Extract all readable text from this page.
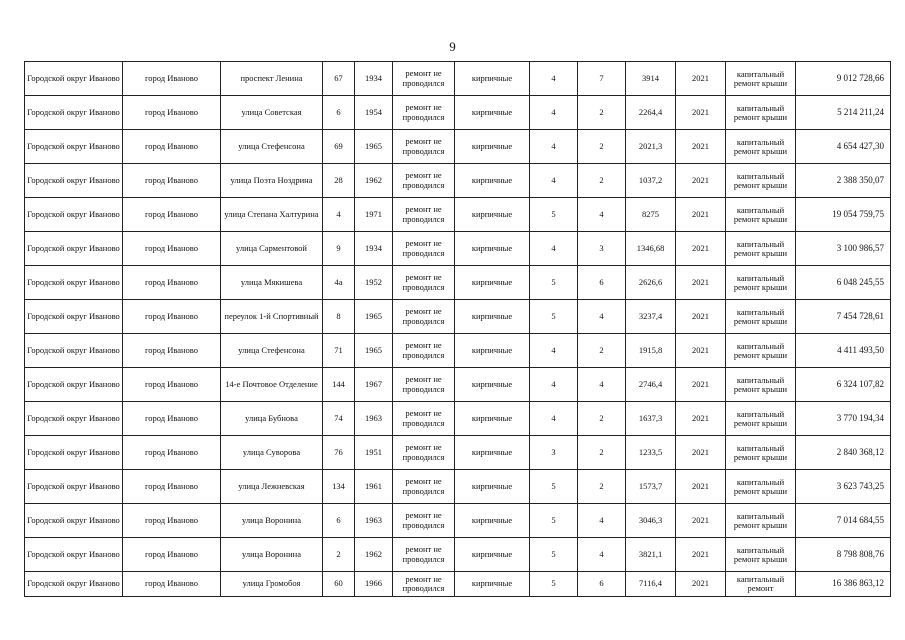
9
Городской округ Иваново	город Иваново	проспект Ленина	67	1934	ремонт не проводился	кирпичные	4	7	3914	2021	капитальный ремонт крыши	9 012 728,66
Городской округ Иваново	город Иваново	улица Советская	6	1954	ремонт не проводился	кирпичные	4	2	2264,4	2021	капитальный ремонт крыши	5 214 211,24
Городской округ Иваново	город Иваново	улица Стефенсона	69	1965	ремонт не проводился	кирпичные	4	2	2021,3	2021	капитальный ремонт крыши	4 654 427,30
Городской округ Иваново	город Иваново	улица Поэта Ноздрина	28	1962	ремонт не проводился	кирпичные	4	2	1037,2	2021	капитальный ремонт крыши	2 388 350,07
Городской округ Иваново	город Иваново	улица Степана Халтурина	4	1971	ремонт не проводился	кирпичные	5	4	8275	2021	капитальный ремонт крыши	19 054 759,75
Городской округ Иваново	город Иваново	улица Сарментовой	9	1934	ремонт не проводился	кирпичные	4	3	1346,68	2021	капитальный ремонт крыши	3 100 986,57
Городской округ Иваново	город Иваново	улица Мякишева	4а	1952	ремонт не проводился	кирпичные	5	6	2626,6	2021	капитальный ремонт крыши	6 048 245,55
Городской округ Иваново	город Иваново	переулок 1-й Спортивный	8	1965	ремонт не проводился	кирпичные	5	4	3237,4	2021	капитальный ремонт крыши	7 454 728,61
Городской округ Иваново	город Иваново	улица Стефенсона	71	1965	ремонт не проводился	кирпичные	4	2	1915,8	2021	капитальный ремонт крыши	4 411 493,50
Городской округ Иваново	город Иваново	14-е Почтовое Отделение	144	1967	ремонт не проводился	кирпичные	4	4	2746,4	2021	капитальный ремонт крыши	6 324 107,82
Городской округ Иваново	город Иваново	улица Бубнова	74	1963	ремонт не проводился	кирпичные	4	2	1637,3	2021	капитальный ремонт крыши	3 770 194,34
Городской округ Иваново	город Иваново	улица Суворова	76	1951	ремонт не проводился	кирпичные	3	2	1233,5	2021	капитальный ремонт крыши	2 840 368,12
Городской округ Иваново	город Иваново	улица Лежневская	134	1961	ремонт не проводился	кирпичные	5	2	1573,7	2021	капитальный ремонт крыши	3 623 743,25
Городской округ Иваново	город Иваново	улица Воронина	6	1963	ремонт не проводился	кирпичные	5	4	3046,3	2021	капитальный ремонт крыши	7 014 684,55
Городской округ Иваново	город Иваново	улица Воронина	2	1962	ремонт не проводился	кирпичные	5	4	3821,1	2021	капитальный ремонт крыши	8 798 808,76
Городской округ Иваново	город Иваново	улица Громобоя	60	1966	ремонт не проводился	кирпичные	5	6	7116,4	2021	капитальный ремонт	16 386 863,12
